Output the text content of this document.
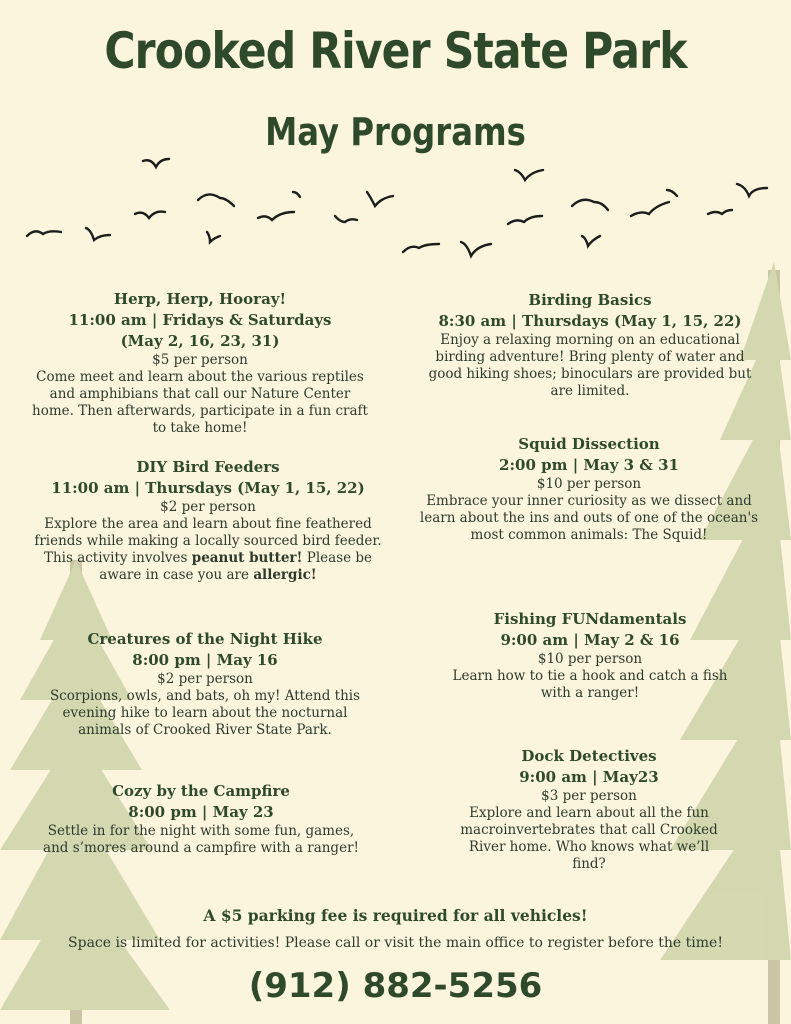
Crooked River State Park
May Programs
Herp, Herp, Hooray!
11:00 am | Fridays & Saturdays
(May 2, 16, 23, 31)
$5 per person
Come meet and learn about the various reptiles and amphibians that call our Nature Center home. Then afterwards, participate in a fun craft to take home!
DIY Bird Feeders
11:00 am | Thursdays (May 1, 15, 22)
$2 per person
Explore the area and learn about fine feathered friends while making a locally sourced bird feeder. This activity involves peanut butter! Please be aware in case you are allergic!
Creatures of the Night Hike
8:00 pm | May 16
$2 per person
Scorpions, owls, and bats, oh my! Attend this evening hike to learn about the nocturnal animals of Crooked River State Park.
Cozy by the Campfire
8:00 pm | May 23
Settle in for the night with some fun, games, and s’mores around a campfire with a ranger!
Birding Basics
8:30 am | Thursdays (May 1, 15, 22)
Enjoy a relaxing morning on an educational birding adventure! Bring plenty of water and good hiking shoes; binoculars are provided but are limited.
Squid Dissection
2:00 pm | May 3 & 31
$10 per person
Embrace your inner curiosity as we dissect and learn about the ins and outs of one of the ocean's most common animals: The Squid!
Fishing FUNdamentals
9:00 am | May 2 & 16
$10 per person
Learn how to tie a hook and catch a fish with a ranger!
Dock Detectives
9:00 am | May23
$3 per person
Explore and learn about all the fun macroinvertebrates that call Crooked River home. Who knows what we’ll find?
A $5 parking fee is required for all vehicles!
Space is limited for activities! Please call or visit the main office to register before the time!
(912) 882-5256
